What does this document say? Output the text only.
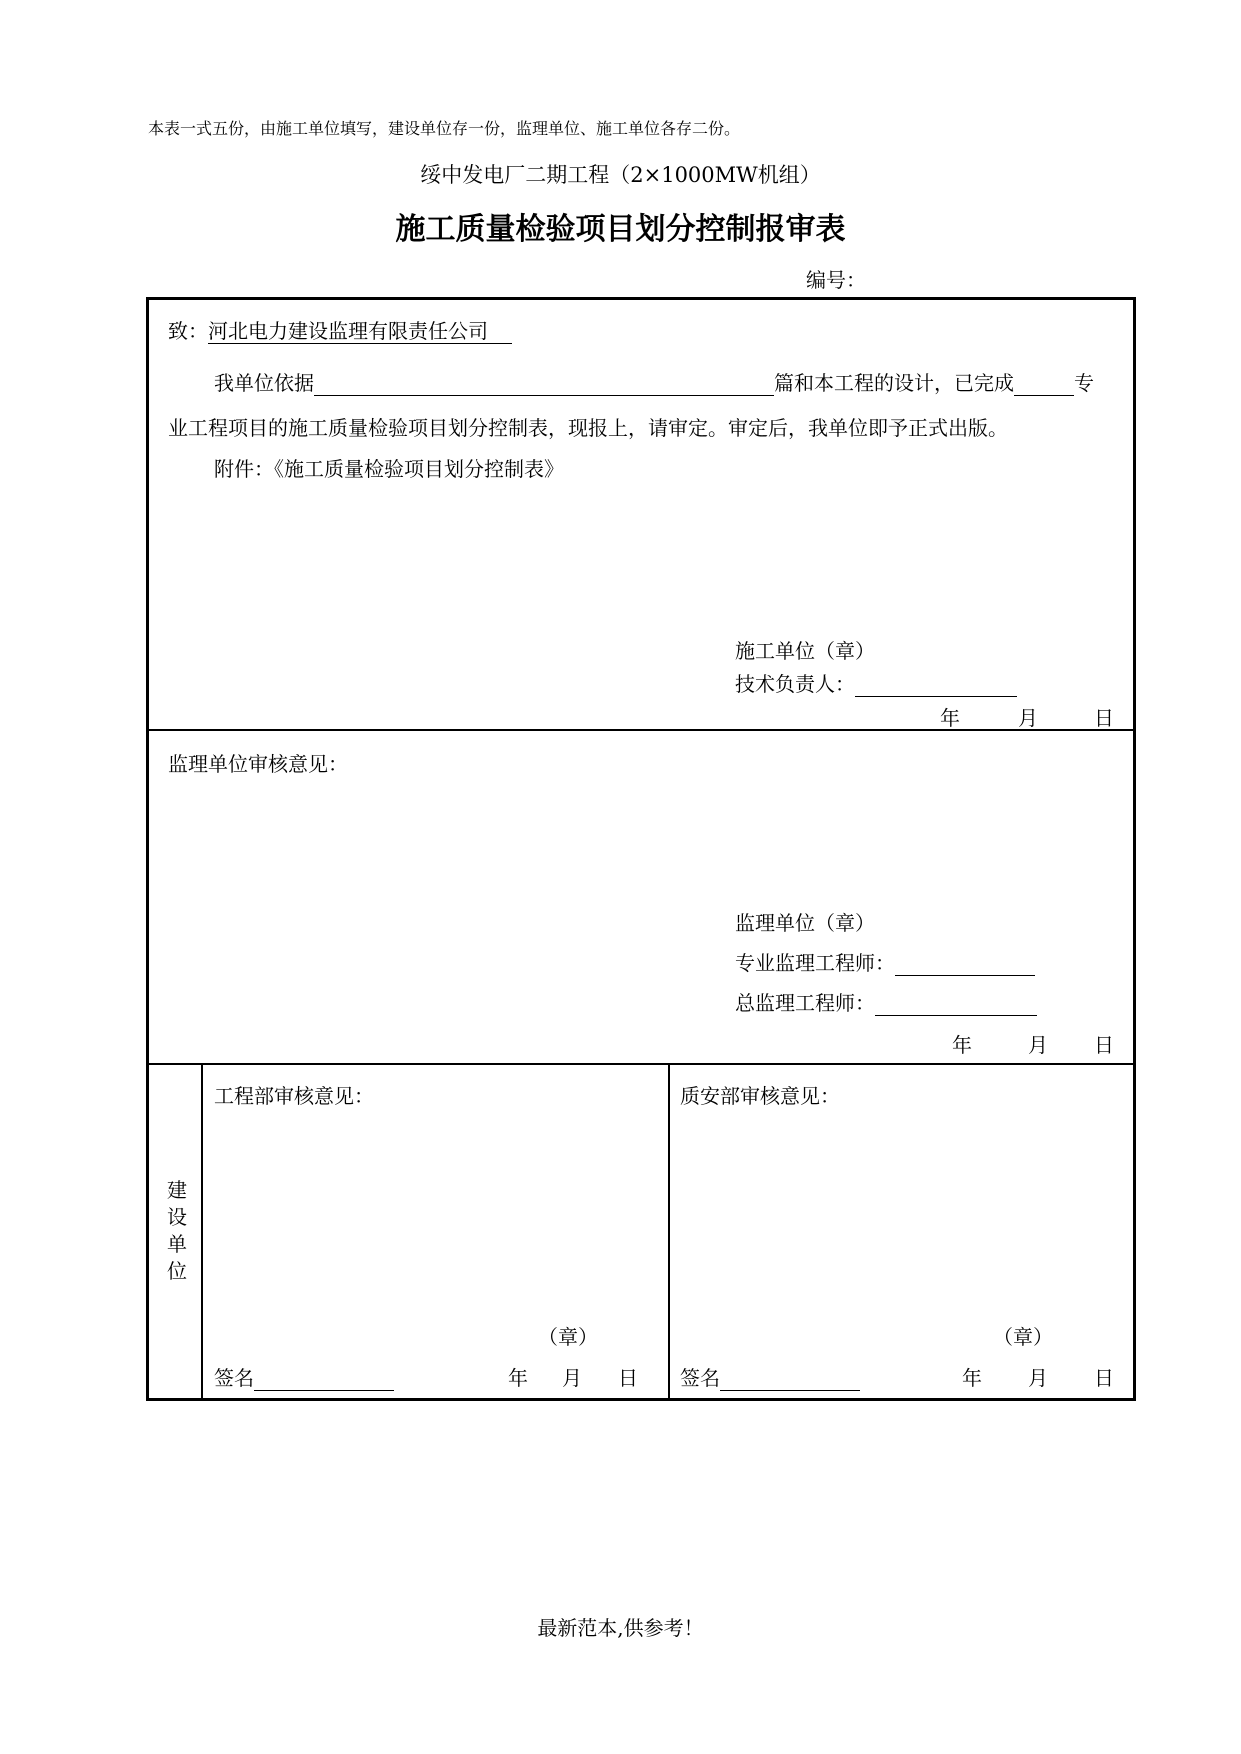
本表一式五份，由施工单位填写，建设单位存一份，监理单位、施工单位各存二份。
绥中发电厂二期工程（2×1000MW机组）
施工质量检验项目划分控制报审表
编号：
致：河北电力建设监理有限责任公司
我单位依据	篇和本工程的设计，已完成	专
业工程项目的施工质量检验项目划分控制表，现报上，请审定。审定后，我单位即予正式出版。
附件：《施工质量检验项目划分控制表》
施工单位（章）
技术负责人：
年	月	日
监理单位审核意见：
监理单位（章）
专业监理工程师：
总监理工程师：
年	月 日
建
设
单
位
工程部审核意见：
（章）
签名	年 月 日
质安部审核意见：
（章）
签名	年 月 日
最新范本,供参考！
